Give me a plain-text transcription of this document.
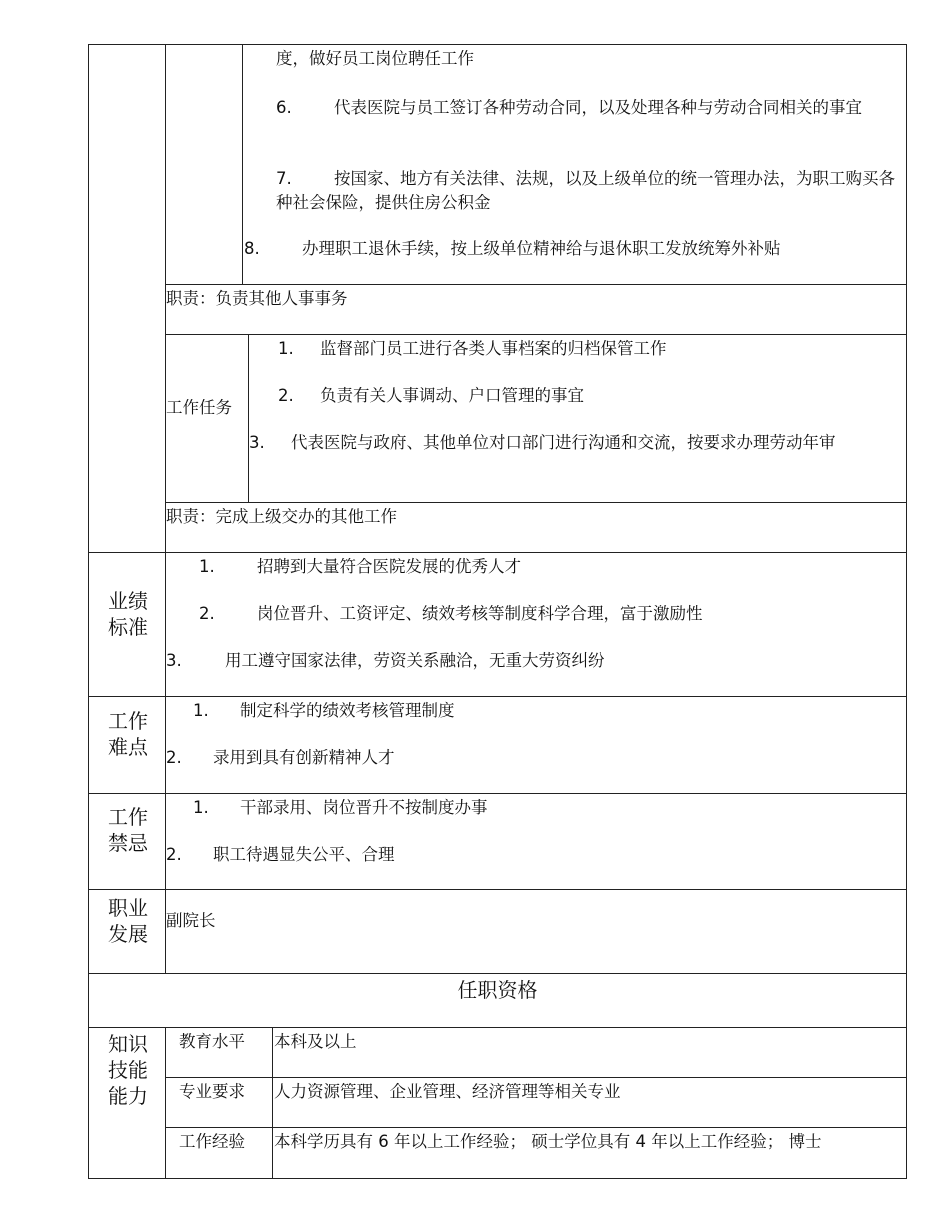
度，做好员工岗位聘任工作
6.	代表医院与员工签订各种劳动合同，以及处理各种与劳动合同相关的事宜
7.	按国家、地方有关法律、法规，以及上级单位的统一管理办法，为职工购买各种社会保险，提供住房公积金
8.	办理职工退休手续，按上级单位精神给与退休职工发放统筹外补贴
职责：负责其他人事事务
工作任务
1. 监督部门员工进行各类人事档案的归档保管工作
2. 负责有关人事调动、户口管理的事宜
3.	代表医院与政府、其他单位对口部门进行沟通和交流，按要求办理劳动年审
职责：完成上级交办的其他工作
业绩标准
1.	招聘到大量符合医院发展的优秀人才
2.	岗位晋升、工资评定、绩效考核等制度科学合理，富于激励性
3.	用工遵守国家法律，劳资关系融洽，无重大劳资纠纷
工作难点
1. 制定科学的绩效考核管理制度
2. 录用到具有创新精神人才
工作禁忌
1. 干部录用、岗位晋升不按制度办事
2. 职工待遇显失公平、合理
职业发展
副院长
任职资格
知识技能能力
教育水平 本科及以上
专业要求 人力资源管理、企业管理、经济管理等相关专业
工作经验 本科学历具有 6 年以上工作经验； 硕士学位具有 4 年以上工作经验； 博士
